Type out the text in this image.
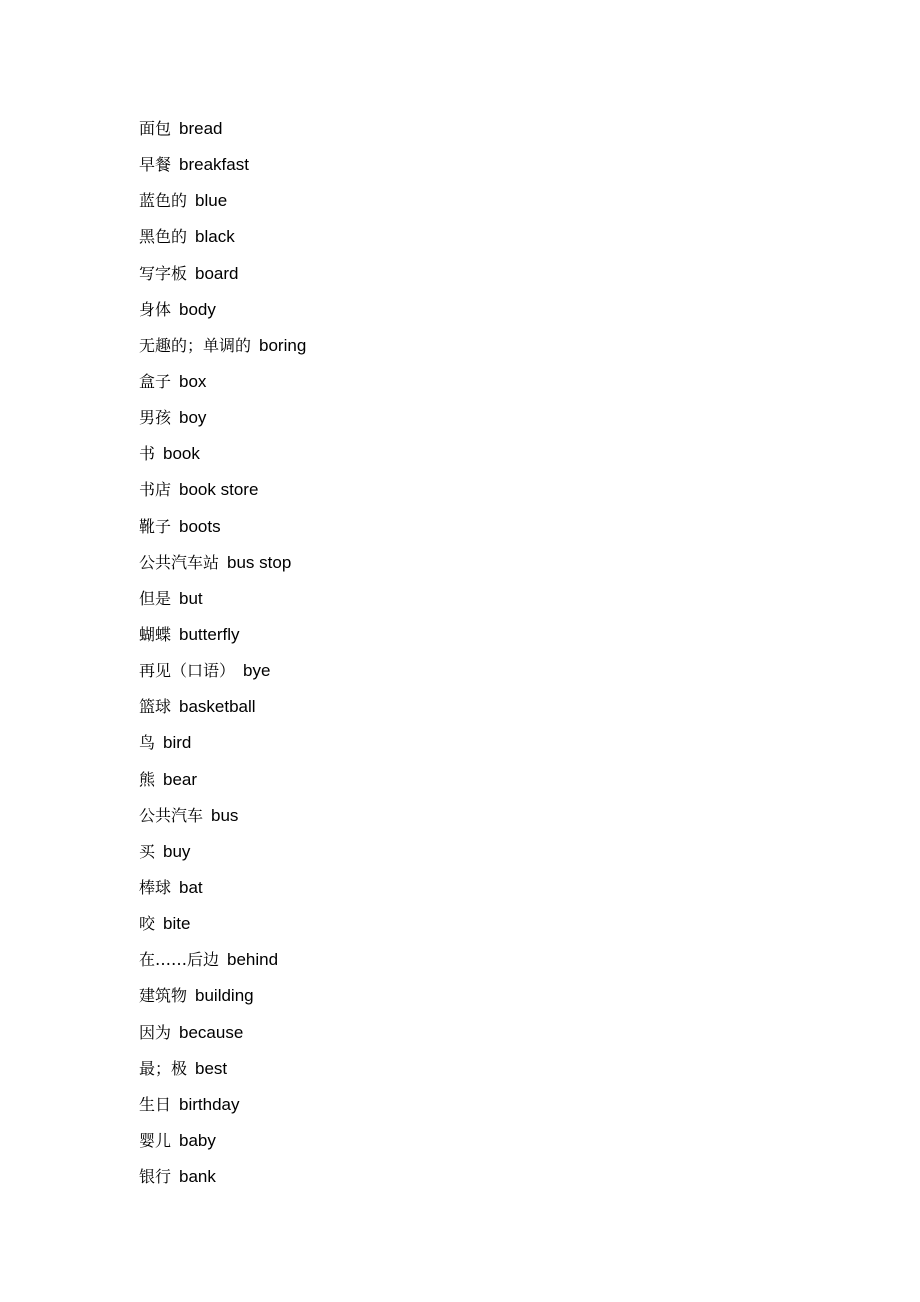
面包 bread
早餐 breakfast
蓝色的 blue
黑色的 black
写字板 board
身体 body
无趣的；单调的 boring
盒子 box
男孩 boy
书 book
书店 book store
靴子 boots
公共汽车站 bus stop
但是 but
蝴蝶 butterfly
再见（口语） bye
篮球 basketball
鸟 bird
熊 bear
公共汽车 bus
买 buy
棒球 bat
咬 bite
在……后边 behind
建筑物 building
因为 because
最；极 best
生日 birthday
婴儿 baby
银行 bank
